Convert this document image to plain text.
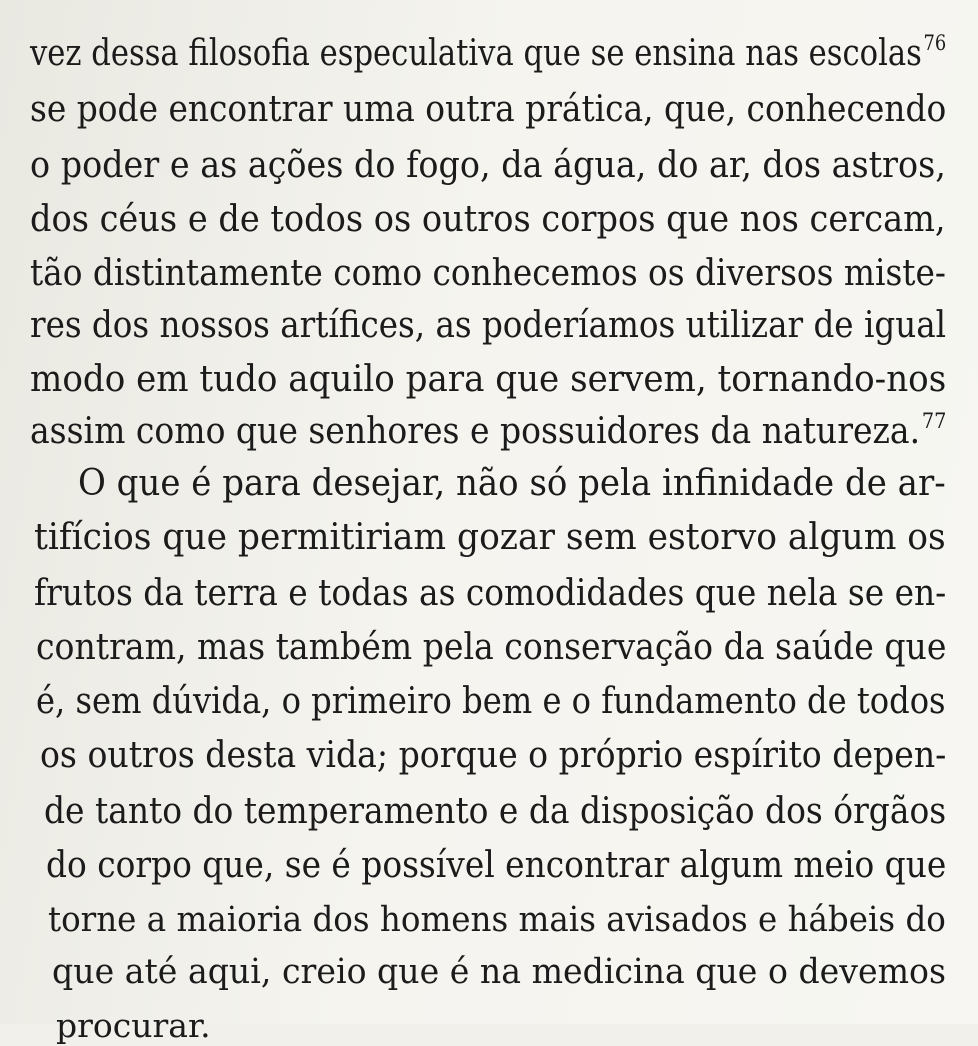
vez dessa filosofia especulativa que se ensina nas escolas$^{76}$
se pode encontrar uma outra prática, que, conhecendo
o poder e as ações do fogo, da água, do ar, dos astros,
dos céus e de todos os outros corpos que nos cercam,
tão distintamente como conhecemos os diversos miste-
res dos nossos artífices, as poderíamos utilizar de igual
modo em tudo aquilo para que servem, tornando-nos
assim como que senhores e possuidores da natureza.$^{77}$
O que é para desejar, não só pela infinidade de ar-
tifícios que permitiriam gozar sem estorvo algum os
frutos da terra e todas as comodidades que nela se en-
contram, mas também pela conservação da saúde que
é, sem dúvida, o primeiro bem e o fundamento de todos
os outros desta vida; porque o próprio espírito depen-
de tanto do temperamento e da disposição dos órgãos
do corpo que, se é possível encontrar algum meio que
torne a maioria dos homens mais avisados e hábeis do
que até aqui, creio que é na medicina que o devemos
procurar.
